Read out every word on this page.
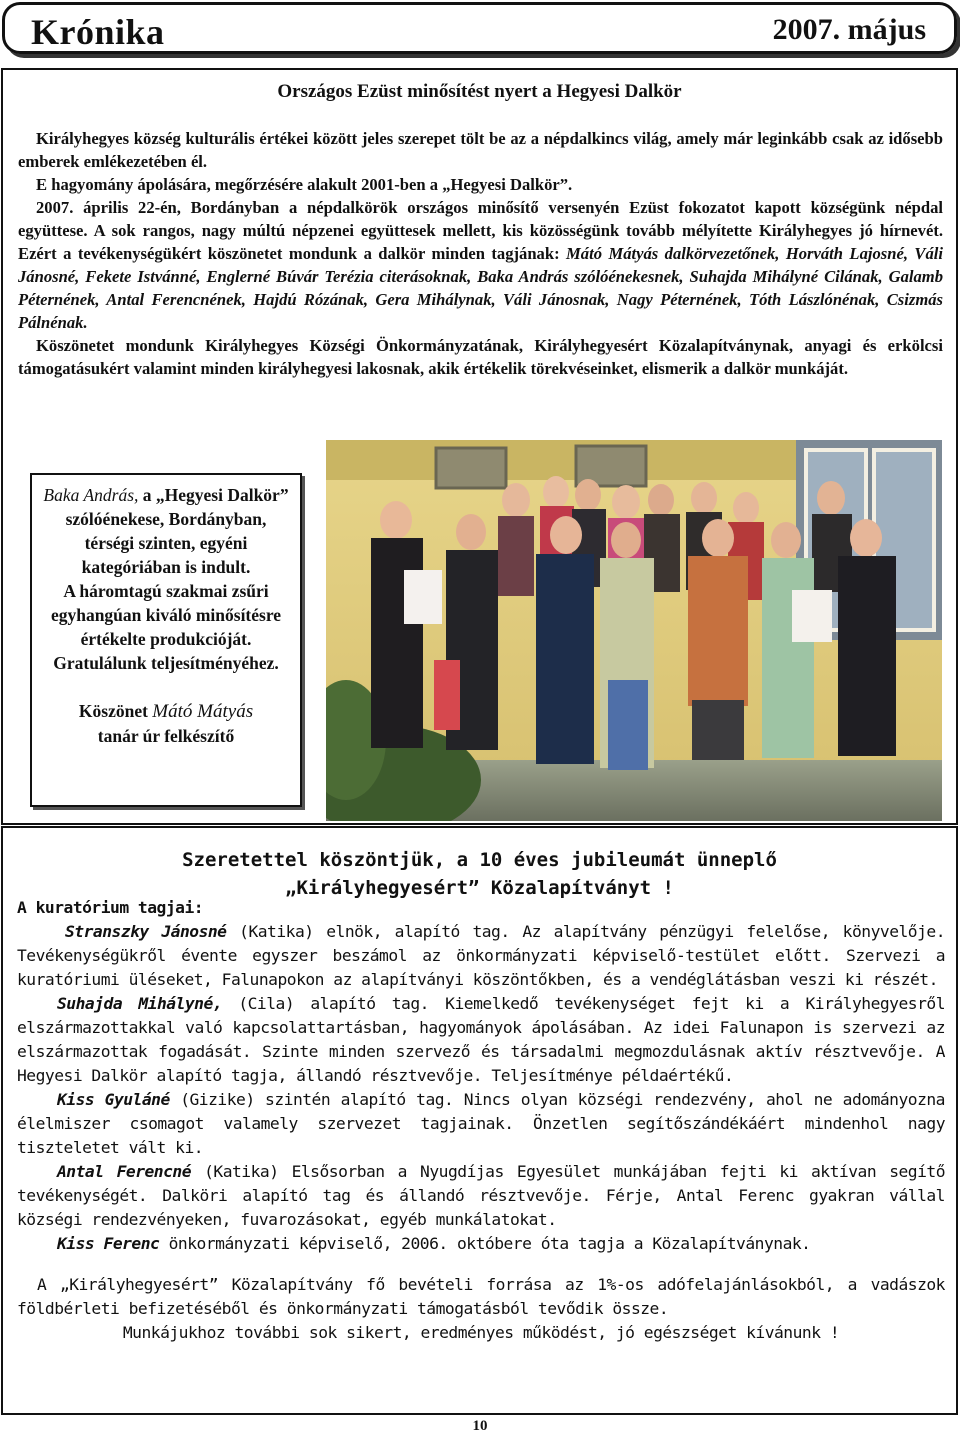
Krónika	2007. május
Országos Ezüst minősítést nyert a Hegyesi Dalkör

Királyhegyes község kulturális értékei között jeles szerepet tölt be az a népdalkincs világ, amely már leginkább csak az idősebb emberek emlékezetében él.

E hagyomány ápolására, megőrzésére alakult 2001-ben a „Hegyesi Dalkör”.

2007. április 22-én, Bordányban a népdalkörök országos minősítő versenyén Ezüst fokozatot kapott községünk népdal együttese. A sok rangos, nagy múltú népzenei együttesek mellett, kis közösségünk tovább mélyítette Királyhegyes jó hírnevét. Ezért a tevékenységükért köszönetet mondunk a dalkör minden tagjának: Mátó Mátyás dalkörvezetőnek, Horváth Lajosné, Váli Jánosné, Fekete Istvánné, Englerné Búvár Terézia citerásoknak, Baka András szólóénekesnek, Suhajda Mihályné Cilának, Galamb Péternének, Antal Ferencnének, Hajdú Rózának, Gera Mihálynak, Váli Jánosnak, Nagy Péternének, Tóth Lászlónénak, Csizmás Pálnénak.

Köszönetet mondunk Királyhegyes Községi Önkormányzatának, Királyhegyesért Közalapítványnak, anyagi és erkölcsi támogatásukért valamint minden királyhegyesi lakosnak, akik értékelik törekvéseinket, elismerik a dalkör munkáját.

Baka András, a „Hegyesi Dalkör” szólóénekese, Bordányban, térségi szinten, egyéni kategóriában is indult.
A háromtagú szakmai zsűri egyhangúan kiváló minősítésre értékelte produkcióját.
Gratulálunk teljesítményéhez.
Köszönet Mátó Mátyás
tanár úr felkészítő
Szeretettel köszöntjük, a 10 éves jubileumát ünneplő
„Királyhegyesért” Közalapítványt !
A kuratórium tagjai:

Stranszky Jánosné (Katika) elnök, alapító tag. Az alapítvány pénzügyi felelőse, könyvelője. Tevékenységükről évente egyszer beszámol az önkormányzati képviselő-testület előtt. Szervezi a kuratóriumi üléseket, Falunapokon az alapítványi köszöntőkben, és a vendéglátásban veszi ki részét.

Suhajda Mihályné, (Cila) alapító tag. Kiemelkedő tevékenységet fejt ki a Királyhegyesről elszármazottakkal való kapcsolattartásban, hagyományok ápolásában. Az idei Falunapon is szervezi az elszármazottak fogadását. Szinte minden szervező és társadalmi megmozdulásnak aktív résztvevője. A Hegyesi Dalkör alapító tagja, állandó résztvevője. Teljesítménye példaértékű.

Kiss Gyuláné (Gizike) szintén alapító tag. Nincs olyan községi rendezvény, ahol ne adományozna élelmiszer csomagot valamely szervezet tagjainak. Önzetlen segítőszándékáért mindenhol nagy tiszteletet vált ki.

Antal Ferencné (Katika) Elsősorban a Nyugdíjas Egyesület munkájában fejti ki aktívan segítő tevékenységét. Dalköri alapító tag és állandó résztvevője. Férje, Antal Ferenc gyakran vállal községi rendezvényeken, fuvarozásokat, egyéb munkálatokat.

Kiss Ferenc önkormányzati képviselő, 2006. októbere óta tagja a Közalapítványnak.

A „Királyhegyesért” Közalapítvány fő bevételi forrása az 1%-os adófelajánlásokból, a vadászok földbérleti befizetéséből és önkormányzati támogatásból tevődik össze.

Munkájukhoz további sok sikert, eredményes működést, jó egészséget kívánunk !

10
